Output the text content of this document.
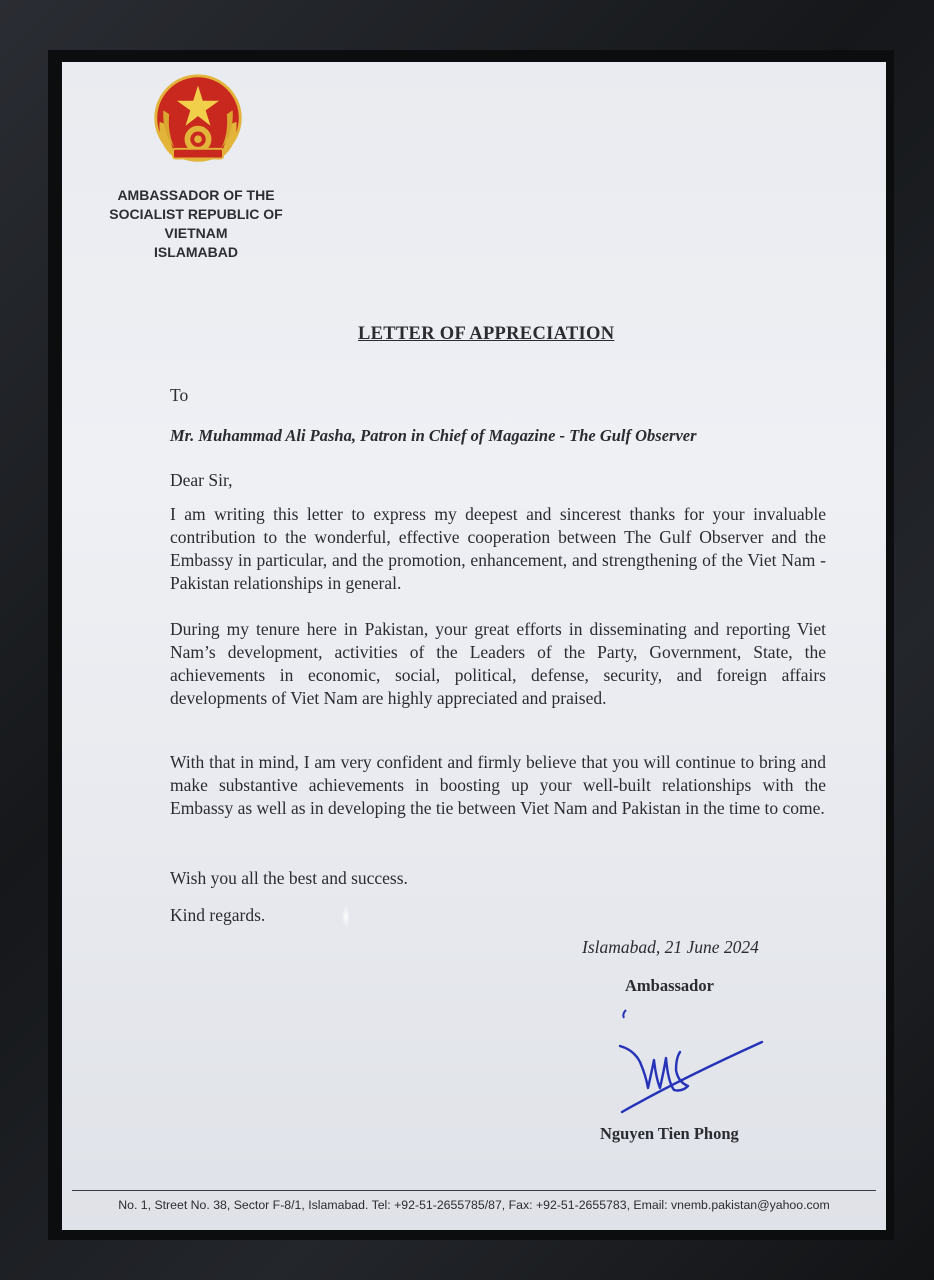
AMBASSADOR OF THE
SOCIALIST REPUBLIC OF VIETNAM
ISLAMABAD
LETTER OF APPRECIATION
To
Mr. Muhammad Ali Pasha, Patron in Chief of Magazine - The Gulf Observer
Dear Sir,
I am writing this letter to express my deepest and sincerest thanks for your invaluable contribution to the wonderful, effective cooperation between The Gulf Observer and the Embassy in particular, and the promotion, enhancement, and strengthening of the Viet Nam - Pakistan relationships in general.
During my tenure here in Pakistan, your great efforts in disseminating and reporting Viet Nam’s development, activities of the Leaders of the Party, Government, State, the achievements in economic, social, political, defense, security, and foreign affairs developments of Viet Nam are highly appreciated and praised.
With that in mind, I am very confident and firmly believe that you will continue to bring and make substantive achievements in boosting up your well-built relationships with the Embassy as well as in developing the tie between Viet Nam and Pakistan in the time to come.
Wish you all the best and success.
Kind regards.
Islamabad, 21 June 2024
Ambassador
Nguyen Tien Phong
No. 1, Street No. 38, Sector F-8/1, Islamabad. Tel: +92-51-2655785/87, Fax: +92-51-2655783, Email: vnemb.pakistan@yahoo.com
